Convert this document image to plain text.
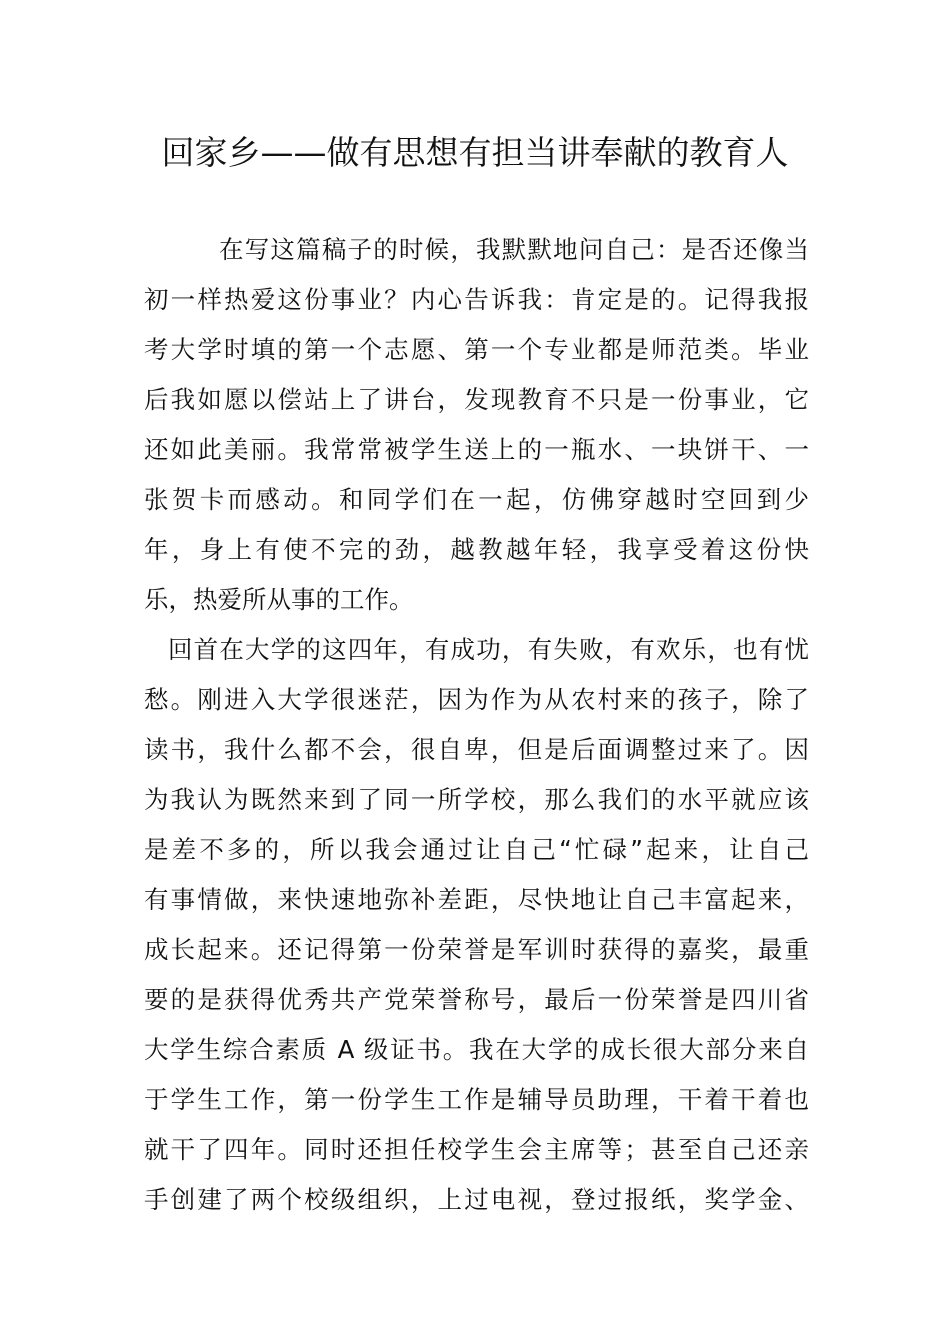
回家乡——做有思想有担当讲奉献的教育人
在写这篇稿子的时候，我默默地问自己：是否还像当
初一样热爱这份事业？内心告诉我：肯定是的。记得我报
考大学时填的第一个志愿、第一个专业都是师范类。毕业
后我如愿以偿站上了讲台，发现教育不只是一份事业，它
还如此美丽。我常常被学生送上的一瓶水、一块饼干、一
张贺卡而感动。和同学们在一起，仿佛穿越时空回到少
年，身上有使不完的劲，越教越年轻，我享受着这份快
乐，热爱所从事的工作。
回首在大学的这四年，有成功，有失败，有欢乐，也有忧
愁。刚进入大学很迷茫，因为作为从农村来的孩子，除了
读书，我什么都不会，很自卑，但是后面调整过来了。因
为我认为既然来到了同一所学校，那么我们的水平就应该
是差不多的，所以我会通过让自己“忙碌”起来，让自己
有事情做，来快速地弥补差距，尽快地让自己丰富起来，
成长起来。还记得第一份荣誉是军训时获得的嘉奖，最重
要的是获得优秀共产党荣誉称号，最后一份荣誉是四川省
大学生综合素质 A 级证书。我在大学的成长很大部分来自
于学生工作，第一份学生工作是辅导员助理，干着干着也
就干了四年。同时还担任校学生会主席等；甚至自己还亲
手创建了两个校级组织，上过电视，登过报纸，奖学金、
